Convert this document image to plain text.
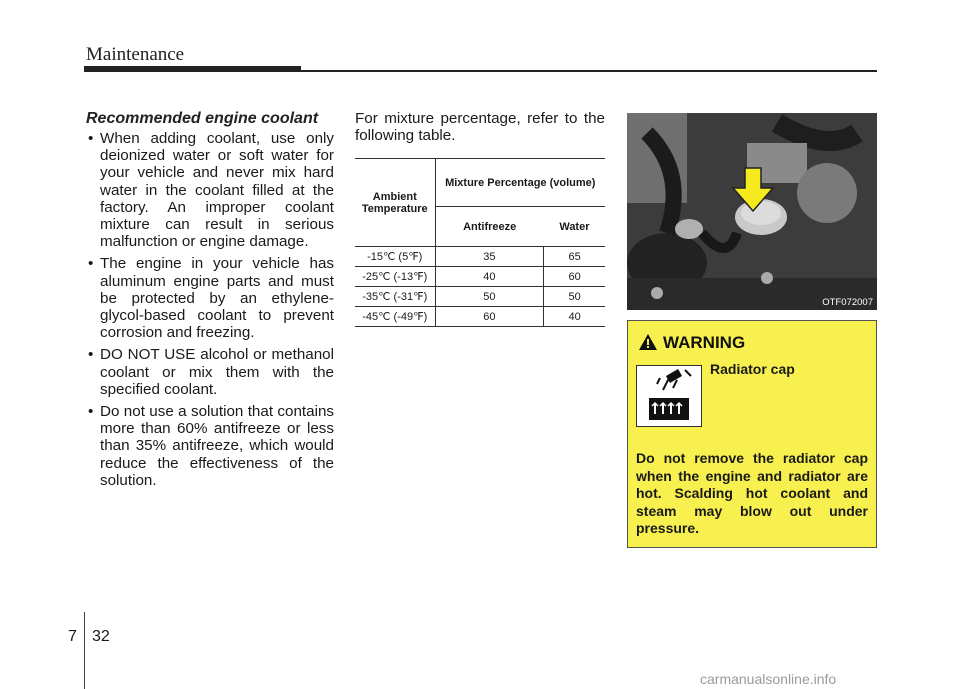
Maintenance
Recommended engine coolant
• When adding coolant, use only deionized water or soft water for your vehicle and never mix hard water in the coolant filled at the factory. An improper coolant mixture can result in serious malfunction or engine damage.
• The engine in your vehicle has aluminum engine parts and must be protected by an ethylene-glycol-based coolant to prevent corrosion and freezing.
• DO NOT USE alcohol or methanol coolant or mix them with the specified coolant.
• Do not use a solution that contains more than 60% antifreeze or less than 35% antifreeze, which would reduce the effectiveness of the solution.

For mixture percentage, refer to the following table.

Ambient Temperature	Mixture Percentage (volume)	
	Antifreeze	Water
-15℃ (5℉)	35	65
-25℃ (-13℉)	40	60
-35℃ (-31℉)	50	50
-45℃ (-49℉)	60	40
OTF072007
WARNING
Radiator cap
Do not remove the radiator cap when the engine and radiator are hot. Scalding hot coolant and steam may blow out under pressure.
7 32
carmanualsonline.info
